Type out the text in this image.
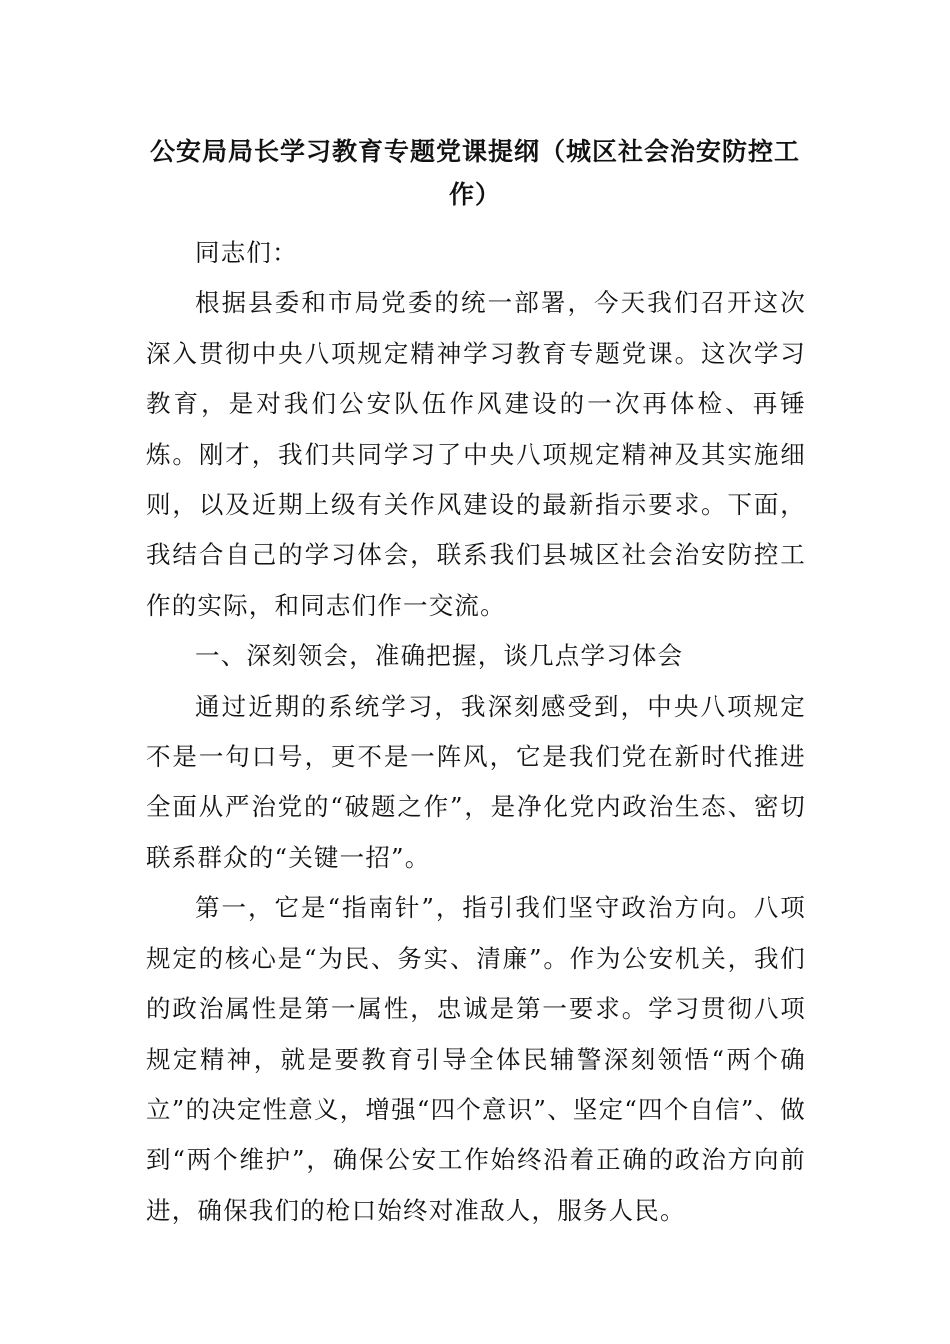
公安局局长学习教育专题党课提纲（城区社会治安防控工作）

同志们：

根据县委和市局党委的统一部署，今天我们召开这次深入贯彻中央八项规定精神学习教育专题党课。这次学习教育，是对我们公安队伍作风建设的一次再体检、再锤炼。刚才，我们共同学习了中央八项规定精神及其实施细则，以及近期上级有关作风建设的最新指示要求。下面，我结合自己的学习体会，联系我们县城区社会治安防控工作的实际，和同志们作一交流。

一、深刻领会，准确把握，谈几点学习体会

通过近期的系统学习，我深刻感受到，中央八项规定不是一句口号，更不是一阵风，它是我们党在新时代推进全面从严治党的“破题之作”，是净化党内政治生态、密切联系群众的“关键一招”。

第一，它是“指南针”，指引我们坚守政治方向。八项规定的核心是“为民、务实、清廉”。作为公安机关，我们的政治属性是第一属性，忠诚是第一要求。学习贯彻八项规定精神，就是要教育引导全体民辅警深刻领悟“两个确立”的决定性意义，增强“四个意识”、坚定“四个自信”、做到“两个维护”，确保公安工作始终沿着正确的政治方向前进，确保我们的枪口始终对准敌人，服务人民。
